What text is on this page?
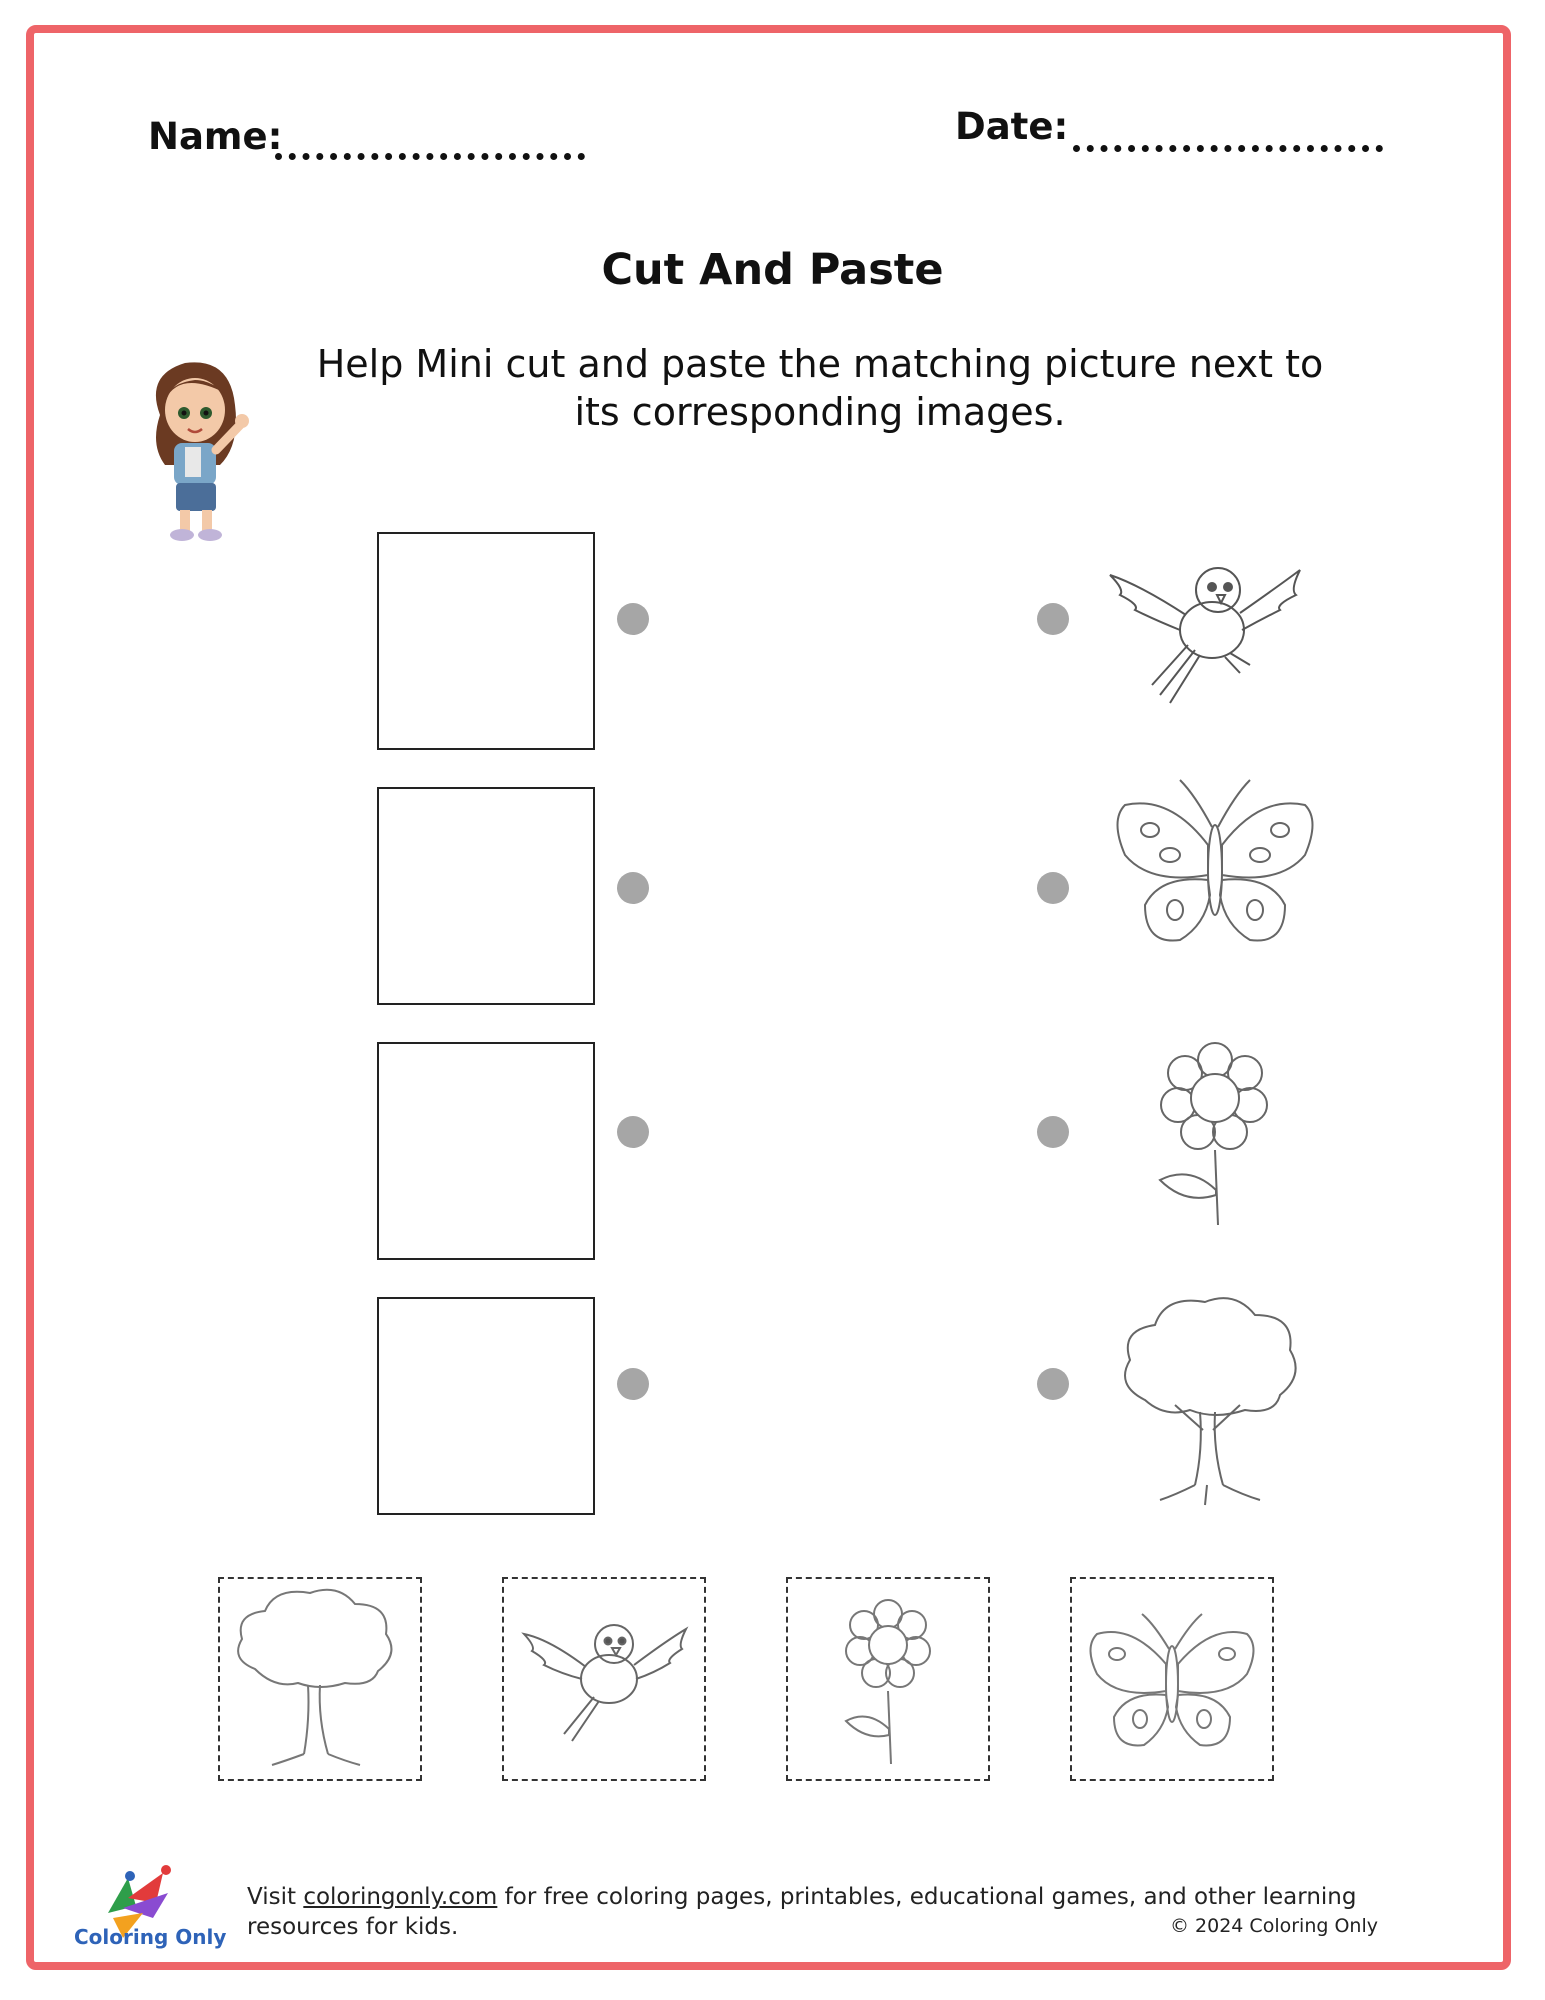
Name:	Date:
Cut And Paste
Help Mini cut and paste the matching picture next to its corresponding images.
Coloring Only
Visit coloringonly.com for free coloring pages, printables, educational games, and other learning resources for kids.	© 2024 Coloring Only
